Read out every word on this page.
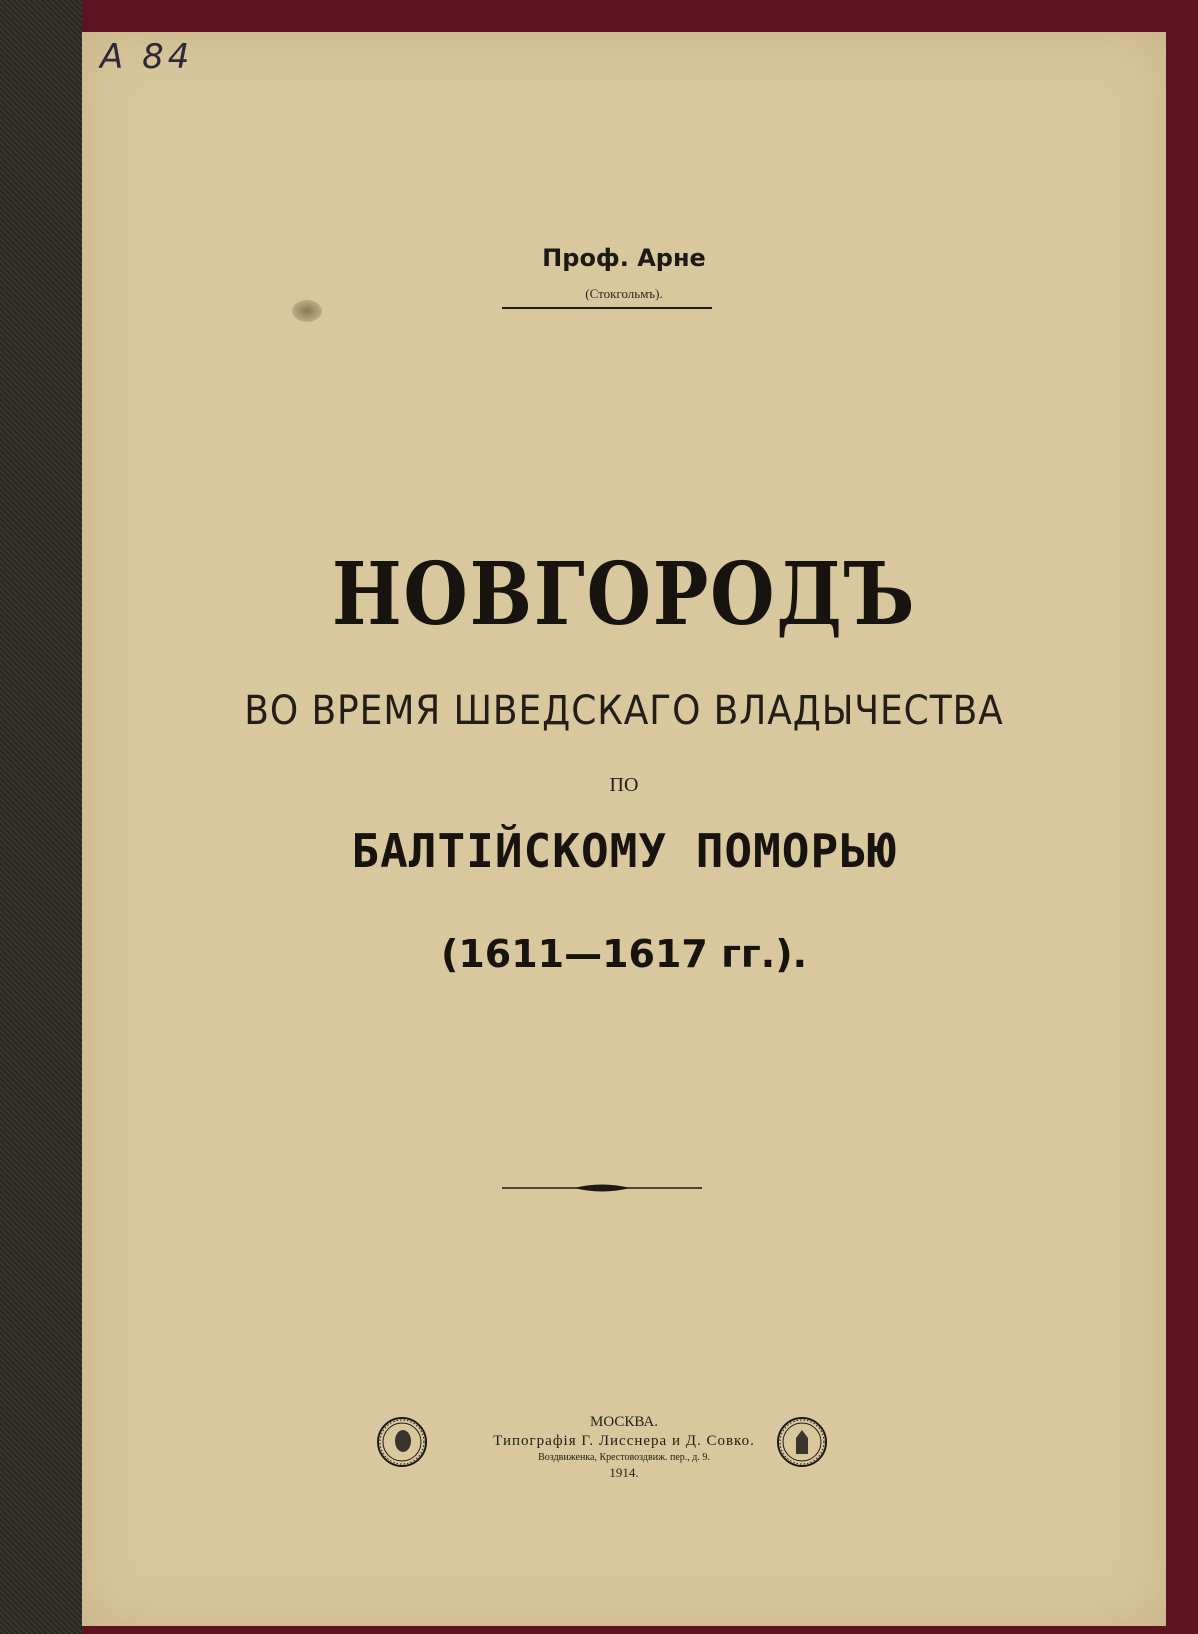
A 84
Проф. Арне
(Стокгольмъ).
НОВГОРОДЪ
ВО ВРЕМЯ ШВЕДСКАГО ВЛАДЫЧЕСТВА
ПО
БАЛТІЙСКОМУ ПОМОРЬЮ
(1611—1617 гг.).
МОСКВА.
Типографія Г. Лисснера и Д. Совко.
Воздвиженка, Крестовоздвиж. пер., д. 9.
1914.
